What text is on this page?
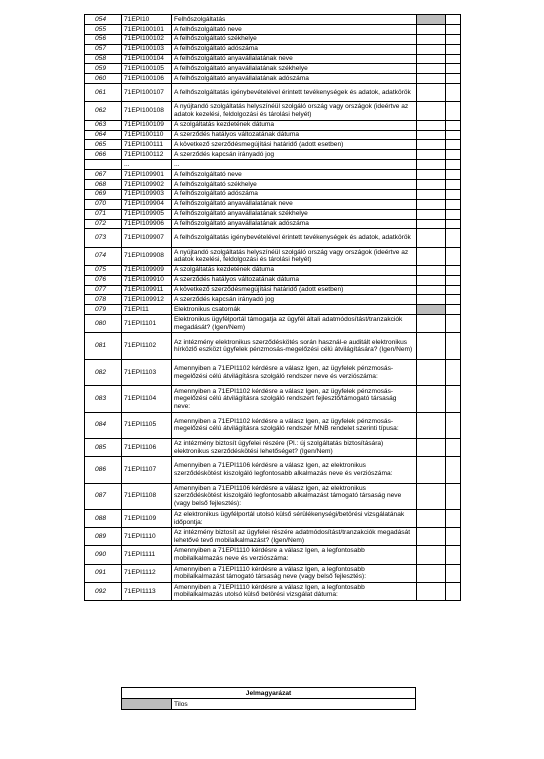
054	71EPI10	Felhőszolgáltatás		
055	71EPI100101	A felhőszolgáltató neve		
056	71EPI100102	A felhőszolgáltató székhelye		
057	71EPI100103	A felhőszolgáltató adószáma		
058	71EPI100104	A felhőszolgáltató anyavállalatának neve		
059	71EPI100105	A felhőszolgáltató anyavállalatának székhelye		
060	71EPI100106	A felhőszolgáltató anyavállalatának adószáma		
061	71EPI100107	A felhőszolgáltatás igénybevételével érintett tevékenységek és adatok, adatkörök		
062	71EPI100108	A nyújtandó szolgáltatás helyszínéül szolgáló ország vagy országok (ideértve az adatok kezelési, feldolgozási és tárolási helyét)		
063	71EPI100109	A szolgáltatás kezdetének dátuma		
064	71EPI100110	A szerződés hatályos változatának dátuma		
065	71EPI100111	A következő szerződésmegújítási határidő (adott esetben)		
066	71EPI100112	A szerződés kapcsán irányadó jog		
	...	...		
067	71EPI109901	A felhőszolgáltató neve		
068	71EPI109902	A felhőszolgáltató székhelye		
069	71EPI109903	A felhőszolgáltató adószáma		
070	71EPI109904	A felhőszolgáltató anyavállalatának neve		
071	71EPI109905	A felhőszolgáltató anyavállalatának székhelye		
072	71EPI109906	A felhőszolgáltató anyavállalatának adószáma		
073	71EPI109907	A felhőszolgáltatás igénybevételével érintett tevékenységek és adatok, adatkörök		
074	71EPI109908	A nyújtandó szolgáltatás helyszínéül szolgáló ország vagy országok (ideértve az adatok kezelési, feldolgozási és tárolási helyét)		
075	71EPI109909	A szolgáltatás kezdetének dátuma		
076	71EPI109910	A szerződés hatályos változatának dátuma		
077	71EPI109911	A következő szerződésmegújítási határidő (adott esetben)		
078	71EPI109912	A szerződés kapcsán irányadó jog		
079	71EPI11	Elektronikus csatornák		
080	71EPI1101	Elektronikus ügyfélportál támogatja az ügyfél általi adatmódosítást/tranzakciók megadását? (Igen/Nem)		
081	71EPI1102	Az intézmény elektronikus szerződéskötés során használ-e auditált elektronikus hírközlő eszközt ügyfelek pénzmosás-megelőzési célú átvilágítására? (Igen/Nem)		
082	71EPI1103	Amennyiben a 71EPI1102 kérdésre a válasz Igen, az ügyfelek pénzmosás-megelőzési célú átvilágításra szolgáló rendszer neve és verziószáma:		
083	71EPI1104	Amennyiben a 71EPI1102 kérdésre a válasz Igen, az ügyfelek pénzmosás-megelőzési célú átvilágításra szolgáló rendszert fejlesztő/támogató társaság neve:		
084	71EPI1105	Amennyiben a 71EPI1102 kérdésre a válasz Igen, az ügyfelek pénzmosás-megelőzési célú átvilágításra szolgáló rendszer MNB rendelet szerinti típusa:		
085	71EPI1106	Az intézmény biztosít ügyfelei részére (Pl.: új szolgáltatás biztosítására) elektronikus szerződéskötési lehetőséget? (Igen/Nem)		
086	71EPI1107	Amennyiben a 71EPI1106 kérdésre a válasz Igen, az elektronikus szerződéskötést kiszolgáló legfontosabb alkalmazás neve és verziószáma:		
087	71EPI1108	Amennyiben a 71EPI1106 kérdésre a válasz Igen, az elektronikus szerződéskötést kiszolgáló legfontosabb alkalmazást támogató társaság neve (vagy belső fejlesztés):		
088	71EPI1109	Az elektronikus ügyfélportál utolsó külső sérülékenységi/betörési vizsgálatának időpontja:		
089	71EPI1110	Az intézmény biztosít az ügyfelei részére adatmódosítást/tranzakciók megadását lehetővé tevő mobilalkalmazást? (Igen/Nem)		
090	71EPI1111	Amennyiben a 71EPI1110 kérdésre a válasz Igen, a legfontosabb mobilalkalmazás neve és verziószáma:		
091	71EPI1112	Amennyiben a 71EPI1110 kérdésre a válasz Igen, a legfontosabb mobilalkalmazást támogató társaság neve (vagy belső fejlesztés):		
092	71EPI1113	Amennyiben a 71EPI1110 kérdésre a válasz Igen, a legfontosabb mobilalkalmazás utolsó külső betörési vizsgálat dátuma:		
Jelmagyarázat
	Tilos
